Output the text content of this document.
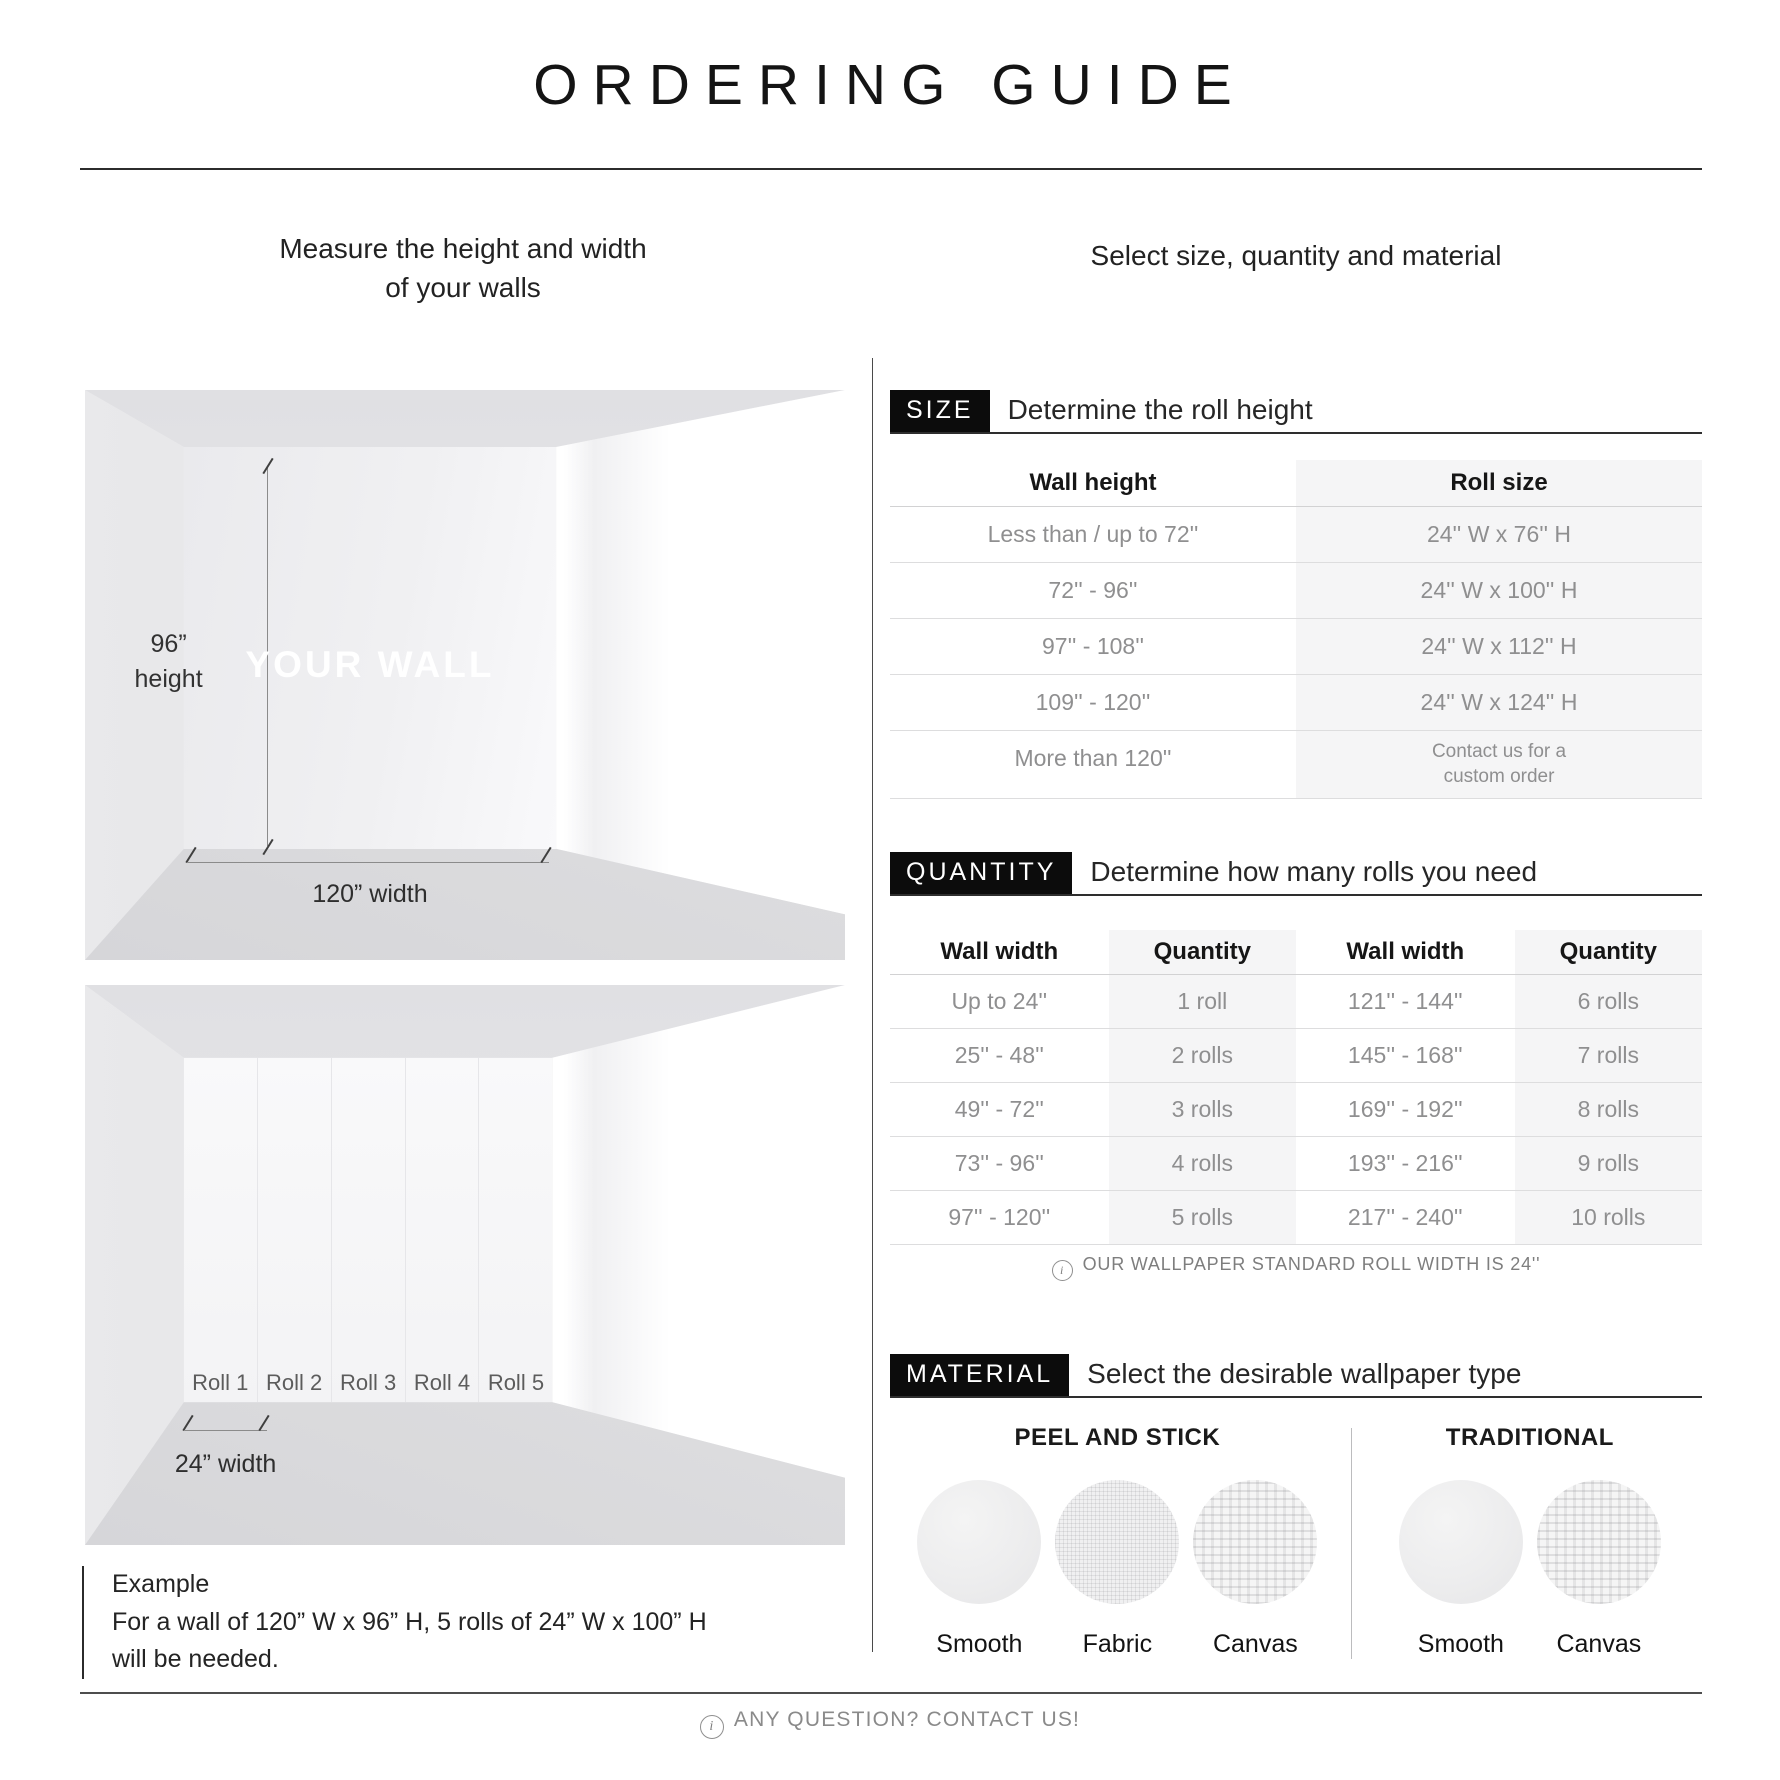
ORDERING GUIDE
Measure the height and width
of your walls
Select size, quantity and material
96”
height	YOUR WALL
120” width
Roll 1 Roll 2 Roll 3 Roll 4 Roll 5
24” width
Example
For a wall of 120” W x 96” H, 5 rolls of 24” W x 100” H
will be needed.
SIZE	Determine the roll height
Wall height	Roll size
Less than / up to 72''	24'' W x 76'' H
72'' - 96''	24'' W x 100'' H
97'' - 108''	24'' W x 112'' H
109'' - 120''	24'' W x 124'' H
More than 120''	Contact us for a
custom order
QUANTITY	Determine how many rolls you need
Wall width	Quantity	Wall width	Quantity
Up to 24''	1 roll	121'' - 144''	6 rolls
25'' - 48''	2 rolls	145'' - 168''	7 rolls
49'' - 72''	3 rolls	169'' - 192''	8 rolls
73'' - 96''	4 rolls	193'' - 216''	9 rolls
97'' - 120''	5 rolls	217'' - 240''	10 rolls
i OUR WALLPAPER STANDARD ROLL WIDTH IS 24''
MATERIAL	Select the desirable wallpaper type
PEEL AND STICK
Smooth	Fabric	Canvas
TRADITIONAL
Smooth	Canvas
i ANY QUESTION? CONTACT US!
